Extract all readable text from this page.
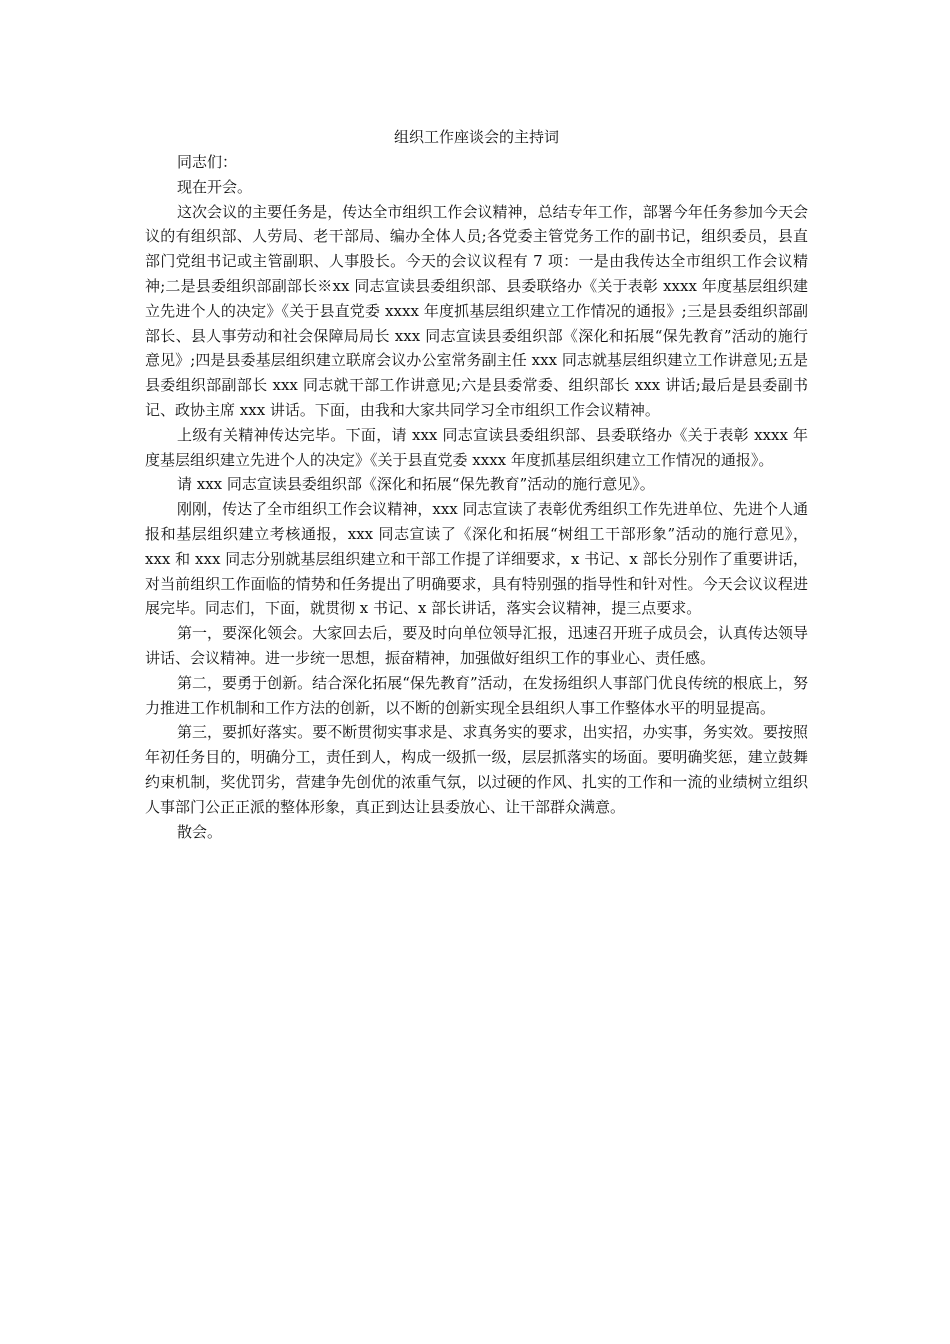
组织工作座谈会的主持词

同志们：

现在开会。

这次会议的主要任务是，传达全市组织工作会议精神，总结专年工作，部署今年任务参加今天会议的有组织部、人劳局、老干部局、编办全体人员;各党委主管党务工作的副书记，组织委员，县直部门党组书记或主管副职、人事股长。今天的会议议程有 7 项：一是由我传达全市组织工作会议精神;二是县委组织部副部长※xx 同志宣读县委组织部、县委联络办《关于表彰 xxxx 年度基层组织建立先进个人的决定》《关于县直党委 xxxx 年度抓基层组织建立工作情况的通报》;三是县委组织部副部长、县人事劳动和社会保障局局长 xxx 同志宣读县委组织部《深化和拓展“保先教育”活动的施行意见》;四是县委基层组织建立联席会议办公室常务副主任 xxx 同志就基层组织建立工作讲意见;五是县委组织部副部长 xxx 同志就干部工作讲意见;六是县委常委、组织部长 xxx 讲话;最后是县委副书记、政协主席 xxx 讲话。下面，由我和大家共同学习全市组织工作会议精神。

上级有关精神传达完毕。下面，请 xxx 同志宣读县委组织部、县委联络办《关于表彰 xxxx 年度基层组织建立先进个人的决定》《关于县直党委 xxxx 年度抓基层组织建立工作情况的通报》。

请 xxx 同志宣读县委组织部《深化和拓展“保先教育”活动的施行意见》。

刚刚，传达了全市组织工作会议精神，xxx 同志宣读了表彰优秀组织工作先进单位、先进个人通报和基层组织建立考核通报，xxx 同志宣读了《深化和拓展“树组工干部形象”活动的施行意见》，xxx 和 xxx 同志分别就基层组织建立和干部工作提了详细要求，x 书记、x 部长分别作了重要讲话，对当前组织工作面临的情势和任务提出了明确要求，具有特别强的指导性和针对性。今天会议议程进展完毕。同志们，下面，就贯彻 x 书记、x 部长讲话，落实会议精神，提三点要求。

第一，要深化领会。大家回去后，要及时向单位领导汇报，迅速召开班子成员会，认真传达领导讲话、会议精神。进一步统一思想，振奋精神，加强做好组织工作的事业心、责任感。

第二，要勇于创新。结合深化拓展“保先教育”活动，在发扬组织人事部门优良传统的根底上，努力推进工作机制和工作方法的创新，以不断的创新实现全县组织人事工作整体水平的明显提高。

第三，要抓好落实。要不断贯彻实事求是、求真务实的要求，出实招，办实事，务实效。要按照年初任务目的，明确分工，责任到人，构成一级抓一级，层层抓落实的场面。要明确奖惩，建立鼓舞约束机制，奖优罚劣，营建争先创优的浓重气氛，以过硬的作风、扎实的工作和一流的业绩树立组织人事部门公正正派的整体形象，真正到达让县委放心、让干部群众满意。

散会。
